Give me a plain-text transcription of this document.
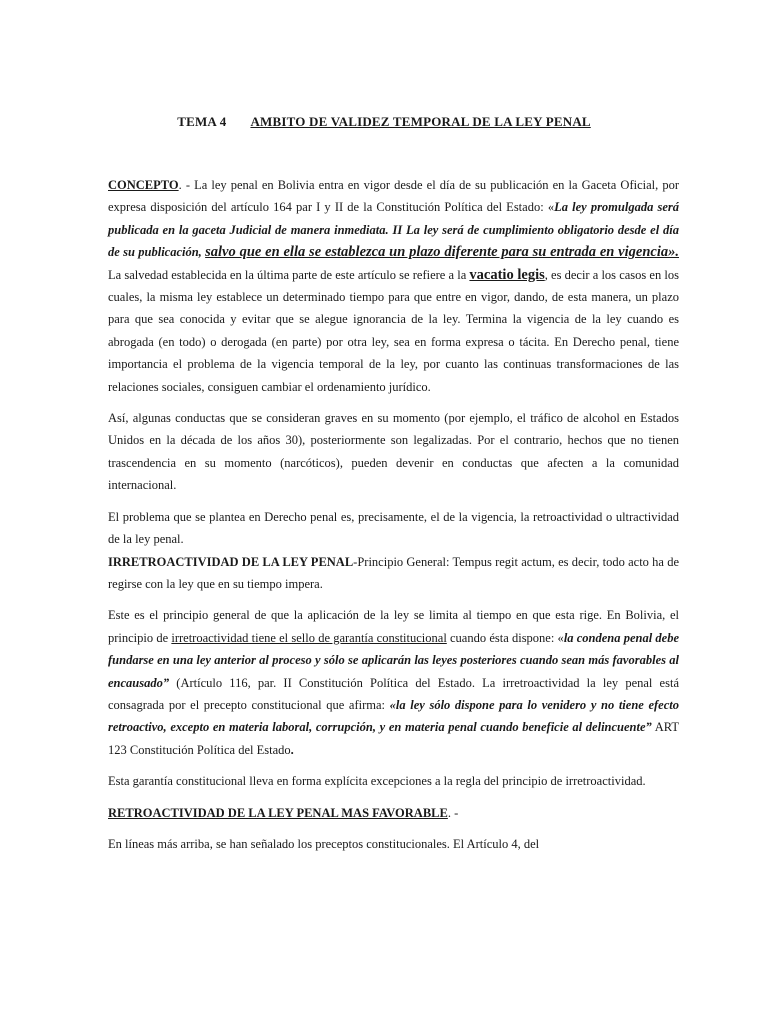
TEMA 4 AMBITO DE VALIDEZ TEMPORAL DE LA LEY PENAL

CONCEPTO. - La ley penal en Bolivia entra en vigor desde el día de su publicación en la Gaceta Oficial, por expresa disposición del artículo 164 par I y II de la Constitución Política del Estado: «La ley promulgada será publicada en la gaceta Judicial de manera inmediata. II La ley será de cumplimiento obligatorio desde el día de su publicación, salvo que en ella se establezca un plazo diferente para su entrada en vigencia». La salvedad establecida en la última parte de este artículo se refiere a la vacatio legis, es decir a los casos en los cuales, la misma ley establece un determinado tiempo para que entre en vigor, dando, de esta manera, un plazo para que sea conocida y evitar que se alegue ignorancia de la ley. Termina la vigencia de la ley cuando es abrogada (en todo) o derogada (en parte) por otra ley, sea en forma expresa o tácita. En Derecho penal, tiene importancia el problema de la vigencia temporal de la ley, por cuanto las continuas transformaciones de las relaciones sociales, consiguen cambiar el ordenamiento jurídico.

Así, algunas conductas que se consideran graves en su momento (por ejemplo, el tráfico de alcohol en Estados Unidos en la década de los años 30), posteriormente son legalizadas. Por el contrario, hechos que no tienen trascendencia en su momento (narcóticos), pueden devenir en conductas que afecten a la comunidad internacional.

El problema que se plantea en Derecho penal es, precisamente, el de la vigencia, la retroactividad o ultractividad de la ley penal.

IRRETROACTIVIDAD DE LA LEY PENAL-Principio General: Tempus regit actum, es decir, todo acto ha de regirse con la ley que en su tiempo impera.

Este es el principio general de que la aplicación de la ley se limita al tiempo en que esta rige. En Bolivia, el principio de irretroactividad tiene el sello de garantía constitucional cuando ésta dispone: «la condena penal debe fundarse en una ley anterior al proceso y sólo se aplicarán las leyes posteriores cuando sean más favorables al encausado” (Artículo 116, par. II Constitución Política del Estado. La irretroactividad la ley penal está consagrada por el precepto constitucional que afirma: «la ley sólo dispone para lo venidero y no tiene efecto retroactivo, excepto en materia laboral, corrupción, y en materia penal cuando beneficie al delincuente” ART 123 Constitución Política del Estado.

Esta garantía constitucional lleva en forma explícita excepciones a la regla del principio de irretroactividad.

RETROACTIVIDAD DE LA LEY PENAL MAS FAVORABLE. -

En líneas más arriba, se han señalado los preceptos constitucionales. El Artículo 4, del
